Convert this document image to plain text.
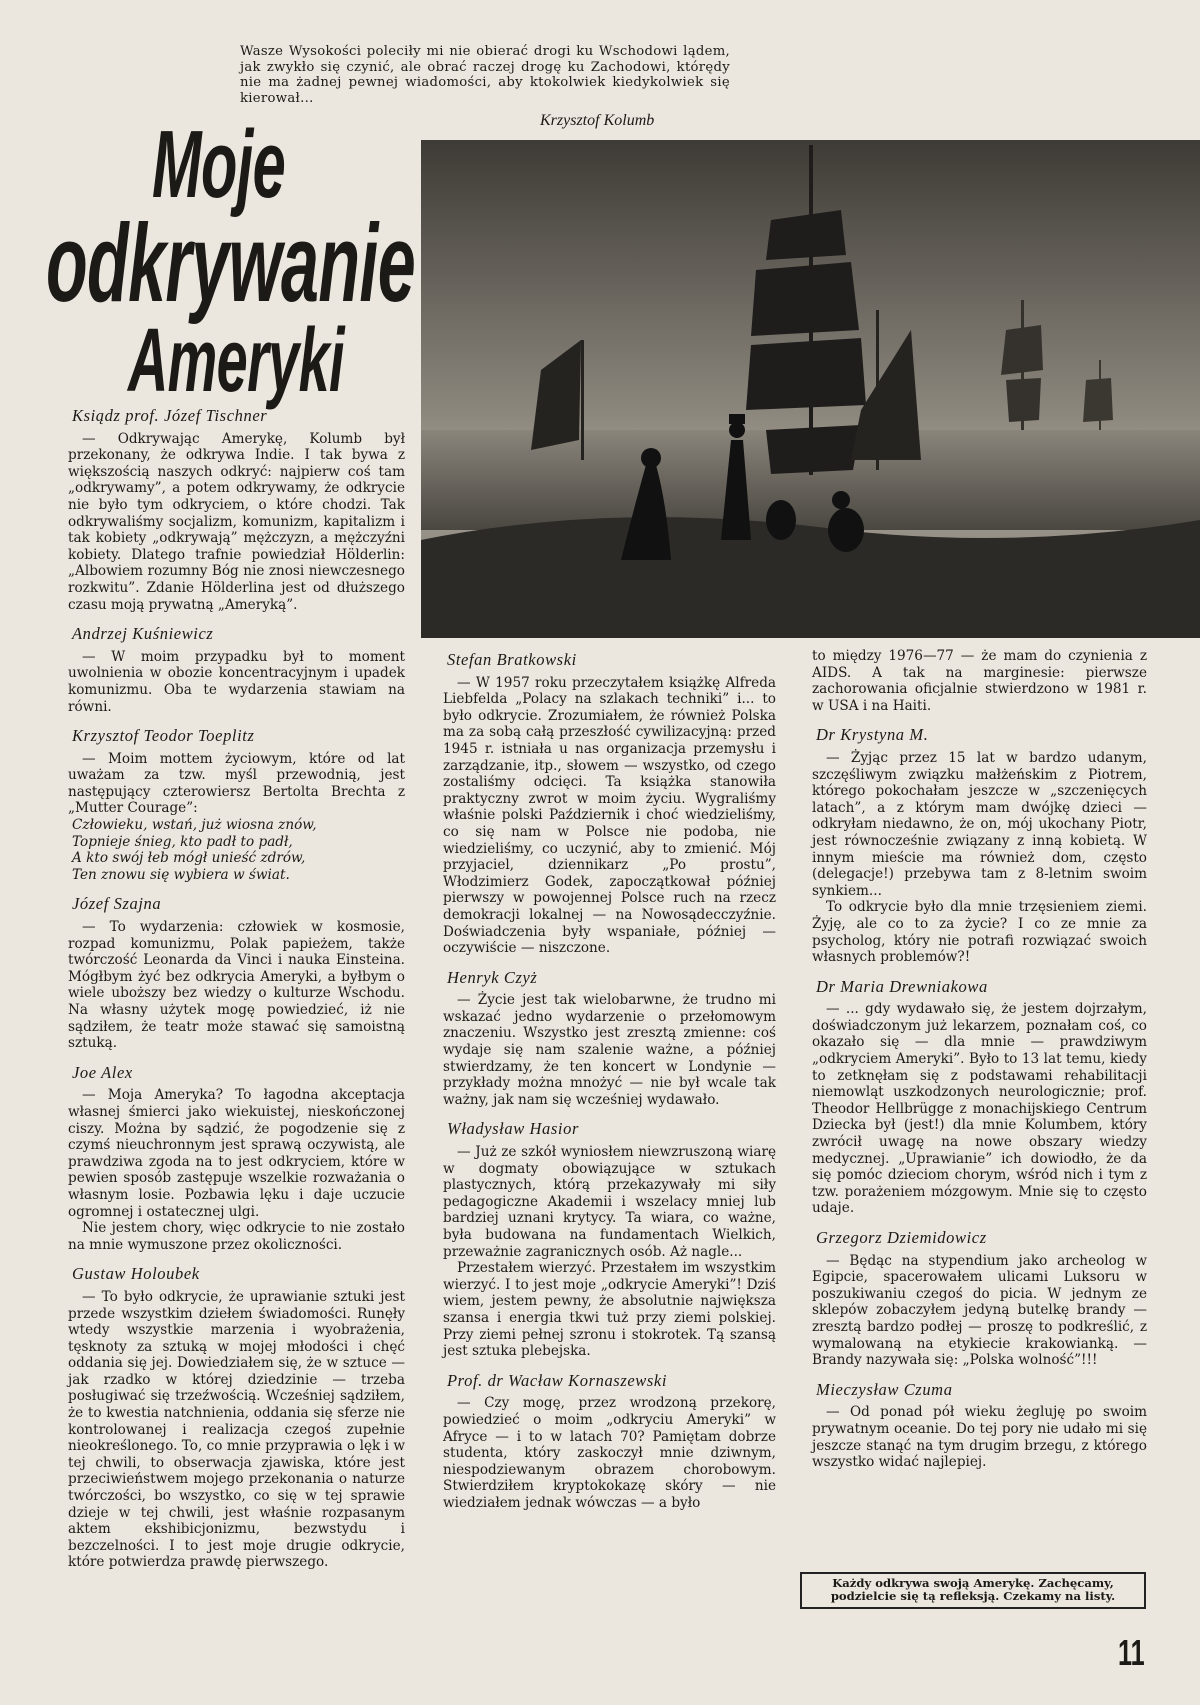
Wasze Wysokości poleciły mi nie obierać drogi ku Wschodowi lądem, jak zwykło się czynić, ale obrać raczej drogę ku Zachodowi, którędy nie ma żadnej pewnej wiadomości, aby ktokolwiek kiedykolwiek się kierował...
Krzysztof Kolumb
Moje
odkrywanie
Ameryki
Ksiądz prof. Józef Tischner

— Odkrywając Amerykę, Kolumb był przekonany, że odkrywa Indie. I tak bywa z większością naszych odkryć: najpierw coś tam „odkrywamy”, a potem odkrywamy, że odkrycie nie było tym odkryciem, o które chodzi. Tak odkrywaliśmy socjalizm, komunizm, kapitalizm i tak kobiety „odkrywają” mężczyzn, a mężczyźni kobiety. Dlatego trafnie powiedział Hölderlin: „Albowiem rozumny Bóg nie znosi niewczesnego rozkwitu”. Zdanie Hölderlina jest od dłuższego czasu moją prywatną „Ameryką”.

Andrzej Kuśniewicz

— W moim przypadku był to moment uwolnienia w obozie koncentracyjnym i upadek komunizmu. Oba te wydarzenia stawiam na równi.

Krzysztof Teodor Toeplitz

— Moim mottem życiowym, które od lat uważam za tzw. myśl przewodnią, jest następujący czterowiersz Bertolta Brechta z „Mutter Courage”:

Człowieku, wstań, już wiosna znów,
Topnieje śnieg, kto padł to padł,
A kto swój łeb mógł unieść zdrów,
Ten znowu się wybiera w świat.
Józef Szajna

— To wydarzenia: człowiek w kosmosie, rozpad komunizmu, Polak papieżem, także twórczość Leonarda da Vinci i nauka Einsteina. Mógłbym żyć bez odkrycia Ameryki, a byłbym o wiele uboższy bez wiedzy o kulturze Wschodu. Na własny użytek mogę powiedzieć, iż nie sądziłem, że teatr może stawać się samoistną sztuką.

Joe Alex

— Moja Ameryka? To łagodna akceptacja własnej śmierci jako wiekuistej, nieskończonej ciszy. Można by sądzić, że pogodzenie się z czymś nieuchronnym jest sprawą oczywistą, ale prawdziwa zgoda na to jest odkryciem, które w pewien sposób zastępuje wszelkie rozważania o własnym losie. Pozbawia lęku i daje uczucie ogromnej i ostatecznej ulgi.

Nie jestem chory, więc odkrycie to nie zostało na mnie wymuszone przez okoliczności.

Gustaw Holoubek

— To było odkrycie, że uprawianie sztuki jest przede wszystkim dziełem świadomości. Runęły wtedy wszystkie marzenia i wyobrażenia, tęsknoty za sztuką w mojej młodości i chęć oddania się jej. Dowiedziałem się, że w sztuce — jak rzadko w której dziedzinie — trzeba posługiwać się trzeźwością. Wcześniej sądziłem, że to kwestia natchnienia, oddania się sferze nie kontrolowanej i realizacja czegoś zupełnie nieokreślonego. To, co mnie przyprawia o lęk i w tej chwili, to obserwacja zjawiska, które jest przeciwieństwem mojego przekonania o naturze twórczości, bo wszystko, co się w tej sprawie dzieje w tej chwili, jest właśnie rozpasanym aktem ekshibicjonizmu, bezwstydu i bezczelności. I to jest moje drugie odkrycie, które potwierdza prawdę pierwszego.

Stefan Bratkowski

— W 1957 roku przeczytałem książkę Alfreda Liebfelda „Polacy na szlakach techniki” i... to było odkrycie. Zrozumiałem, że również Polska ma za sobą całą przeszłość cywilizacyjną: przed 1945 r. istniała u nas organizacja przemysłu i zarządzanie, itp., słowem — wszystko, od czego zostaliśmy odcięci. Ta książka stanowiła praktyczny zwrot w moim życiu. Wygraliśmy właśnie polski Październik i choć wiedzieliśmy, co się nam w Polsce nie podoba, nie wiedzieliśmy, co uczynić, aby to zmienić. Mój przyjaciel, dziennikarz „Po prostu”, Włodzimierz Godek, zapoczątkował później pierwszy w powojennej Polsce ruch na rzecz demokracji lokalnej — na Nowosądecczyźnie. Doświadczenia były wspaniałe, później — oczywiście — niszczone.

Henryk Czyż

— Życie jest tak wielobarwne, że trudno mi wskazać jedno wydarzenie o przełomowym znaczeniu. Wszystko jest zresztą zmienne: coś wydaje się nam szalenie ważne, a później stwierdzamy, że ten koncert w Londynie — przykłady można mnożyć — nie był wcale tak ważny, jak nam się wcześniej wydawało.

Władysław Hasior

— Już ze szkół wyniosłem niewzruszoną wiarę w dogmaty obowiązujące w sztukach plastycznych, którą przekazywały mi siły pedagogiczne Akademii i wszelacy mniej lub bardziej uznani krytycy. Ta wiara, co ważne, była budowana na fundamentach Wielkich, przeważnie zagranicznych osób. Aż nagle...

Przestałem wierzyć. Przestałem im wszystkim wierzyć. I to jest moje „odkrycie Ameryki”! Dziś wiem, jestem pewny, że absolutnie największa szansa i energia tkwi tuż przy ziemi polskiej. Przy ziemi pełnej szronu i stokrotek. Tą szansą jest sztuka plebejska.

Prof. dr Wacław Kornaszewski

— Czy mogę, przez wrodzoną przekorę, powiedzieć o moim „odkryciu Ameryki” w Afryce — i to w latach 70? Pamiętam dobrze studenta, który zaskoczył mnie dziwnym, niespodziewanym obrazem chorobowym. Stwierdziłem kryptokokazę skóry — nie wiedziałem jednak wówczas — a było

to między 1976—77 — że mam do czynienia z AIDS. A tak na marginesie: pierwsze zachorowania oficjalnie stwierdzono w 1981 r. w USA i na Haiti.

Dr Krystyna M.

— Żyjąc przez 15 lat w bardzo udanym, szczęśliwym związku małżeńskim z Piotrem, którego pokochałam jeszcze w „szczenięcych latach”, a z którym mam dwójkę dzieci — odkryłam niedawno, że on, mój ukochany Piotr, jest równocześnie związany z inną kobietą. W innym mieście ma również dom, często (delegacje!) przebywa tam z 8-letnim swoim synkiem...

To odkrycie było dla mnie trzęsieniem ziemi. Żyję, ale co to za życie? I co ze mnie za psycholog, który nie potrafi rozwiązać swoich własnych problemów?!

Dr Maria Drewniakowa

— ... gdy wydawało się, że jestem dojrzałym, doświadczonym już lekarzem, poznałam coś, co okazało się — dla mnie — prawdziwym „odkryciem Ameryki”. Było to 13 lat temu, kiedy to zetknęłam się z podstawami rehabilitacji niemowląt uszkodzonych neurologicznie; prof. Theodor Hellbrügge z monachijskiego Centrum Dziecka był (jest!) dla mnie Kolumbem, który zwrócił uwagę na nowe obszary wiedzy medycznej. „Uprawianie” ich dowiodło, że da się pomóc dzieciom chorym, wśród nich i tym z tzw. porażeniem mózgowym. Mnie się to często udaje.

Grzegorz Dziemidowicz

— Będąc na stypendium jako archeolog w Egipcie, spacerowałem ulicami Luksoru w poszukiwaniu czegoś do picia. W jednym ze sklepów zobaczyłem jedyną butelkę brandy — zresztą bardzo podłej — proszę to podkreślić, z wymalowaną na etykiecie krakowianką. — Brandy nazywała się: „Polska wolność”!!!

Mieczysław Czuma

— Od ponad pół wieku żegluję po swoim prywatnym oceanie. Do tej pory nie udało mi się jeszcze stanąć na tym drugim brzegu, z którego wszystko widać najlepiej.

Każdy odkrywa swoją Amerykę. Zachęcamy, podzielcie się tą refleksją. Czekamy na listy.
11
